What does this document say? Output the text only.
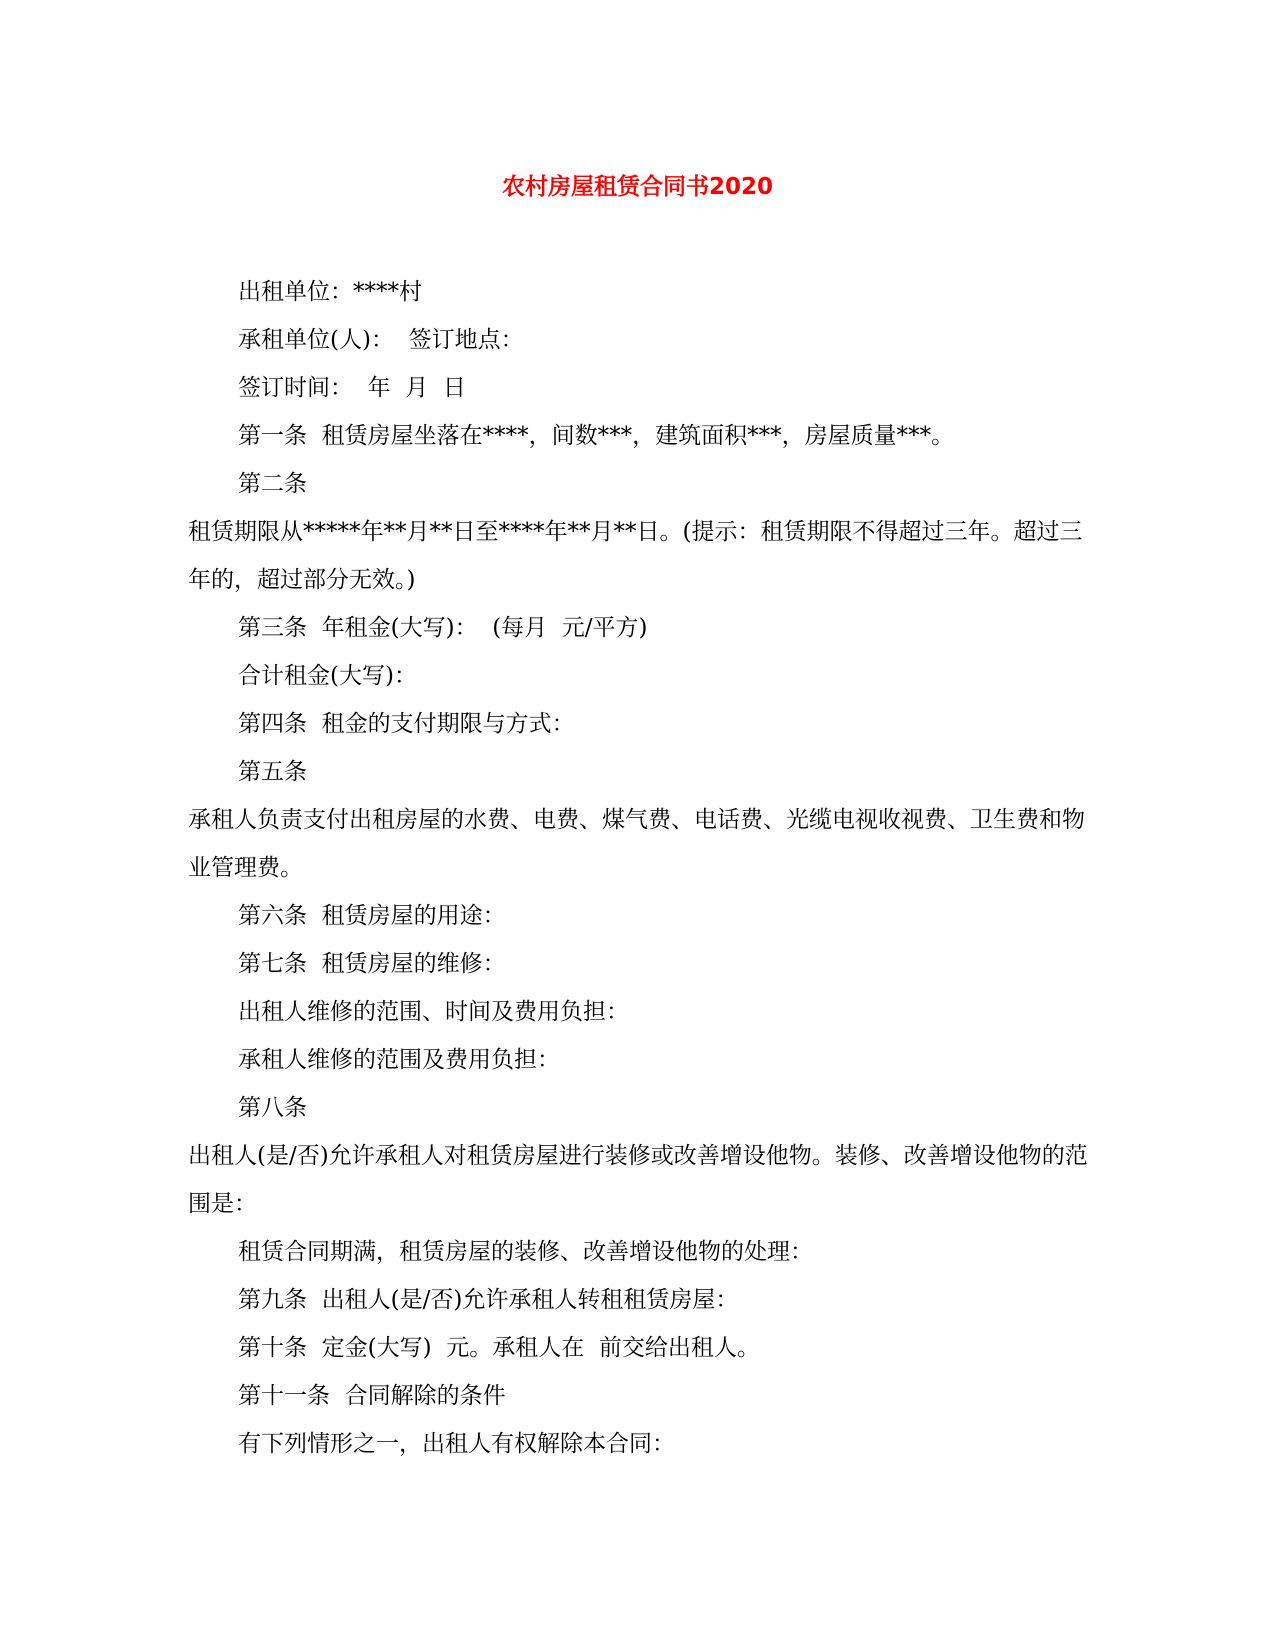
农村房屋租赁合同书2020

出租单位：****村

承租单位(人)：  签订地点：

签订时间：  年  月  日

第一条  租赁房屋坐落在****，间数***，建筑面积***，房屋质量***。

第二条

租赁期限从*****年**月**日至****年**月**日。(提示：租赁期限不得超过三年。超过三年的，超过部分无效。)

第三条  年租金(大写)：  (每月  元/平方)

合计租金(大写)：

第四条  租金的支付期限与方式：

第五条

承租人负责支付出租房屋的水费、电费、煤气费、电话费、光缆电视收视费、卫生费和物业管理费。

第六条  租赁房屋的用途：

第七条  租赁房屋的维修：

出租人维修的范围、时间及费用负担：

承租人维修的范围及费用负担：

第八条

出租人(是/否)允许承租人对租赁房屋进行装修或改善增设他物。装修、改善增设他物的范围是：

租赁合同期满，租赁房屋的装修、改善增设他物的处理：

第九条  出租人(是/否)允许承租人转租租赁房屋：

第十条  定金(大写)  元。承租人在  前交给出租人。

第十一条  合同解除的条件

有下列情形之一，出租人有权解除本合同：
